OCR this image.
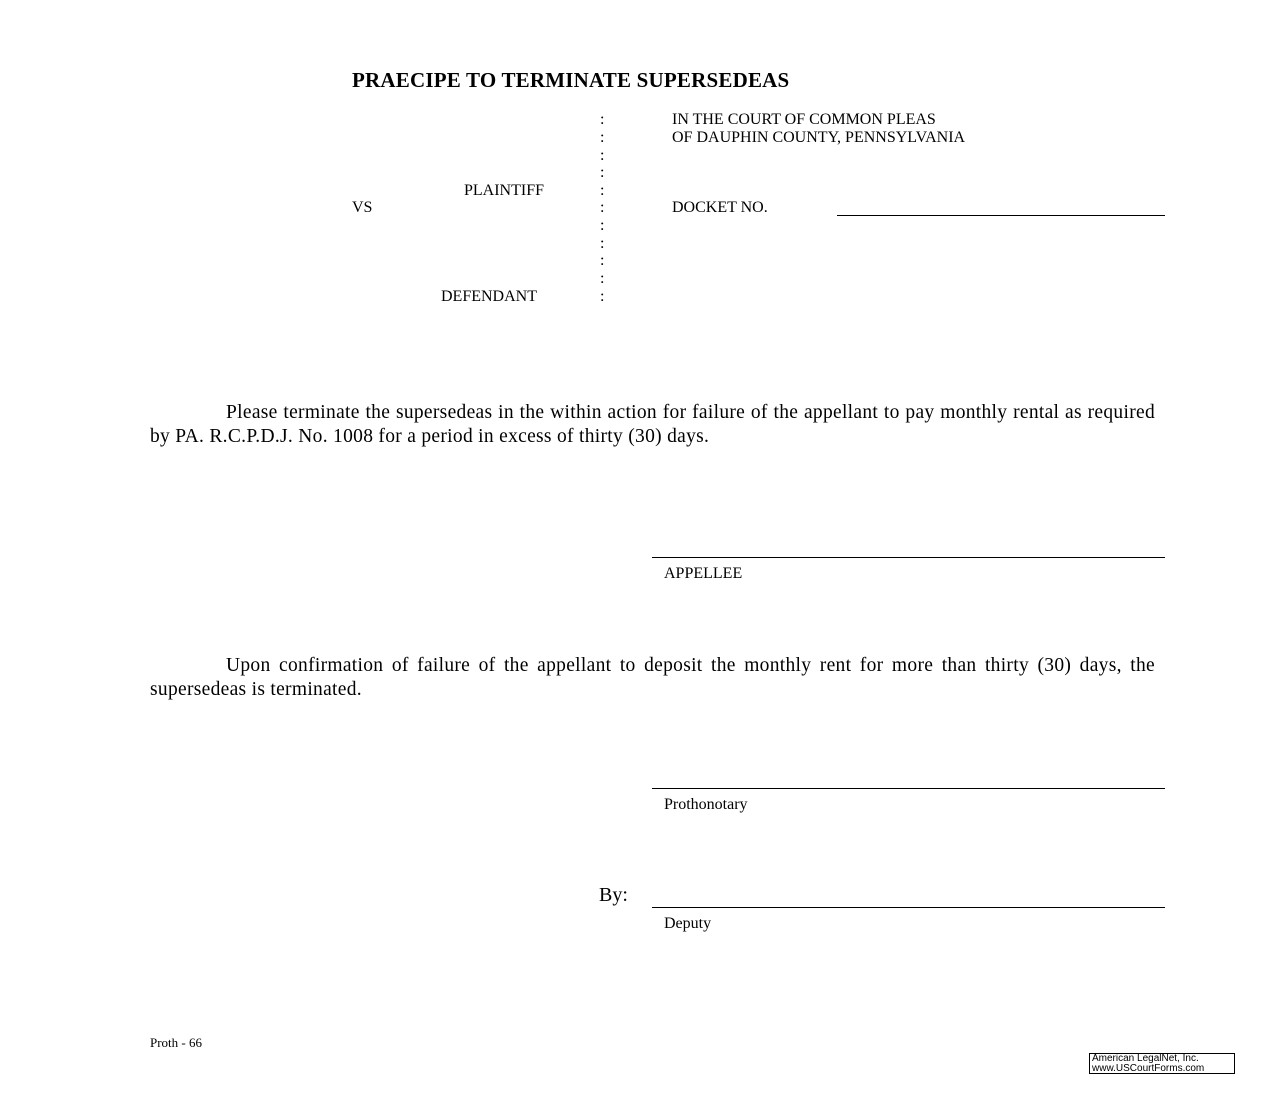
PRAECIPE TO TERMINATE SUPERSEDEAS
PLAINTIFF
VS
DEFENDANT
:
:
:
:
:
:
:
:
:
:
:
IN THE COURT OF COMMON PLEAS
OF DAUPHIN COUNTY, PENNSYLVANIA
DOCKET NO.
Please terminate the supersedeas in the within action for failure of the appellant to pay monthly rental as required by PA. R.C.P.D.J. No. 1008 for a period in excess of thirty (30) days.
APPELLEE
Upon confirmation of failure of the appellant to deposit the monthly rent for more than thirty (30) days, the supersedeas is terminated.
Prothonotary
By:
Deputy
Proth - 66
American LegalNet, Inc.
www.USCourtForms.com
